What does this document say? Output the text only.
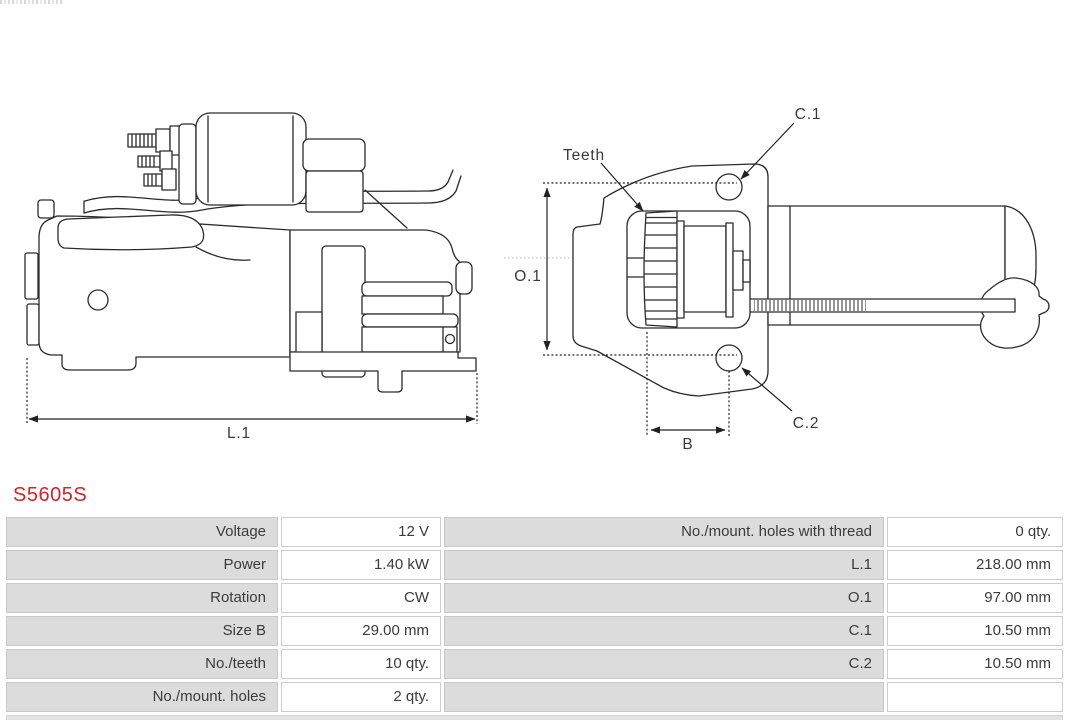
L.1
O.1
B
Teeth
C.1
C.2
S5605S
Voltage	12 V	No./mount. holes with thread	0 qty.
Power	1.40 kW	L.1	218.00 mm
Rotation	CW	O.1	97.00 mm
Size B	29.00 mm	C.1	10.50 mm
No./teeth	10 qty.	C.2	10.50 mm
No./mount. holes	2 qty.
